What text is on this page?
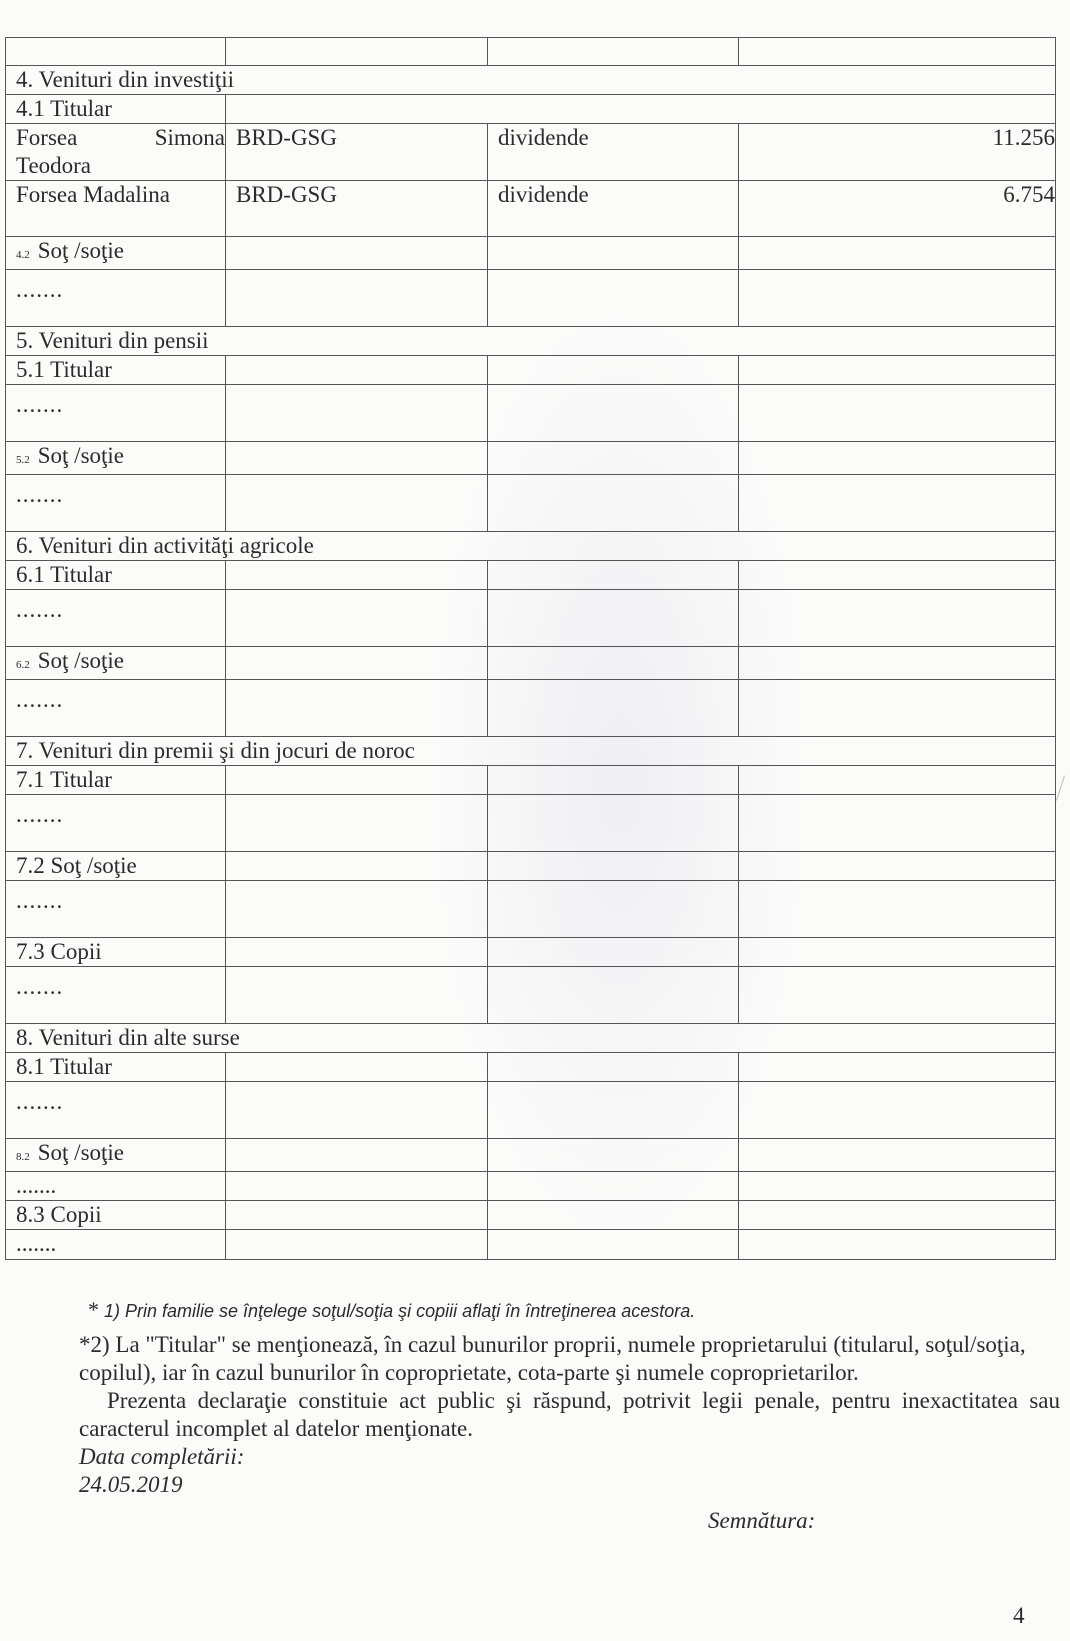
4. Venituri din investiţii			
4.1 Titular			
Forsea Simona Teodora	BRD-GSG	dividende	11.256
Forsea Madalina	BRD-GSG	dividende	6.754
4.2 Soţ /soţie			
.......			
5. Venituri din pensii			
5.1 Titular			
.......			
5.2 Soţ /soţie			
.......			
6. Venituri din activităţi agricole			
6.1 Titular			
.......			
6.2 Soţ /soţie			
.......			
7. Venituri din premii şi din jocuri de noroc			
7.1 Titular			
.......			
7.2 Soţ /soţie			
.......			
7.3 Copii			
.......			
8. Venituri din alte surse			
8.1 Titular			
.......			
8.2 Soţ /soţie			
.......			
8.3 Copii			
.......			
* 1) Prin familie se înţelege soţul/soţia şi copiii aflaţi în întreţinerea acestora.
*2) La "Titular" se menţionează, în cazul bunurilor proprii, numele proprietarului (titularul, soţul/soţia, copilul), iar în cazul bunurilor în coproprietate, cota-parte şi numele coproprietarilor.
Prezenta declaraţie constituie act public şi răspund, potrivit legii penale, pentru inexactitatea sau caracterul incomplet al datelor menţionate.
Data completării:
24.05.2019
Semnătura:
4
